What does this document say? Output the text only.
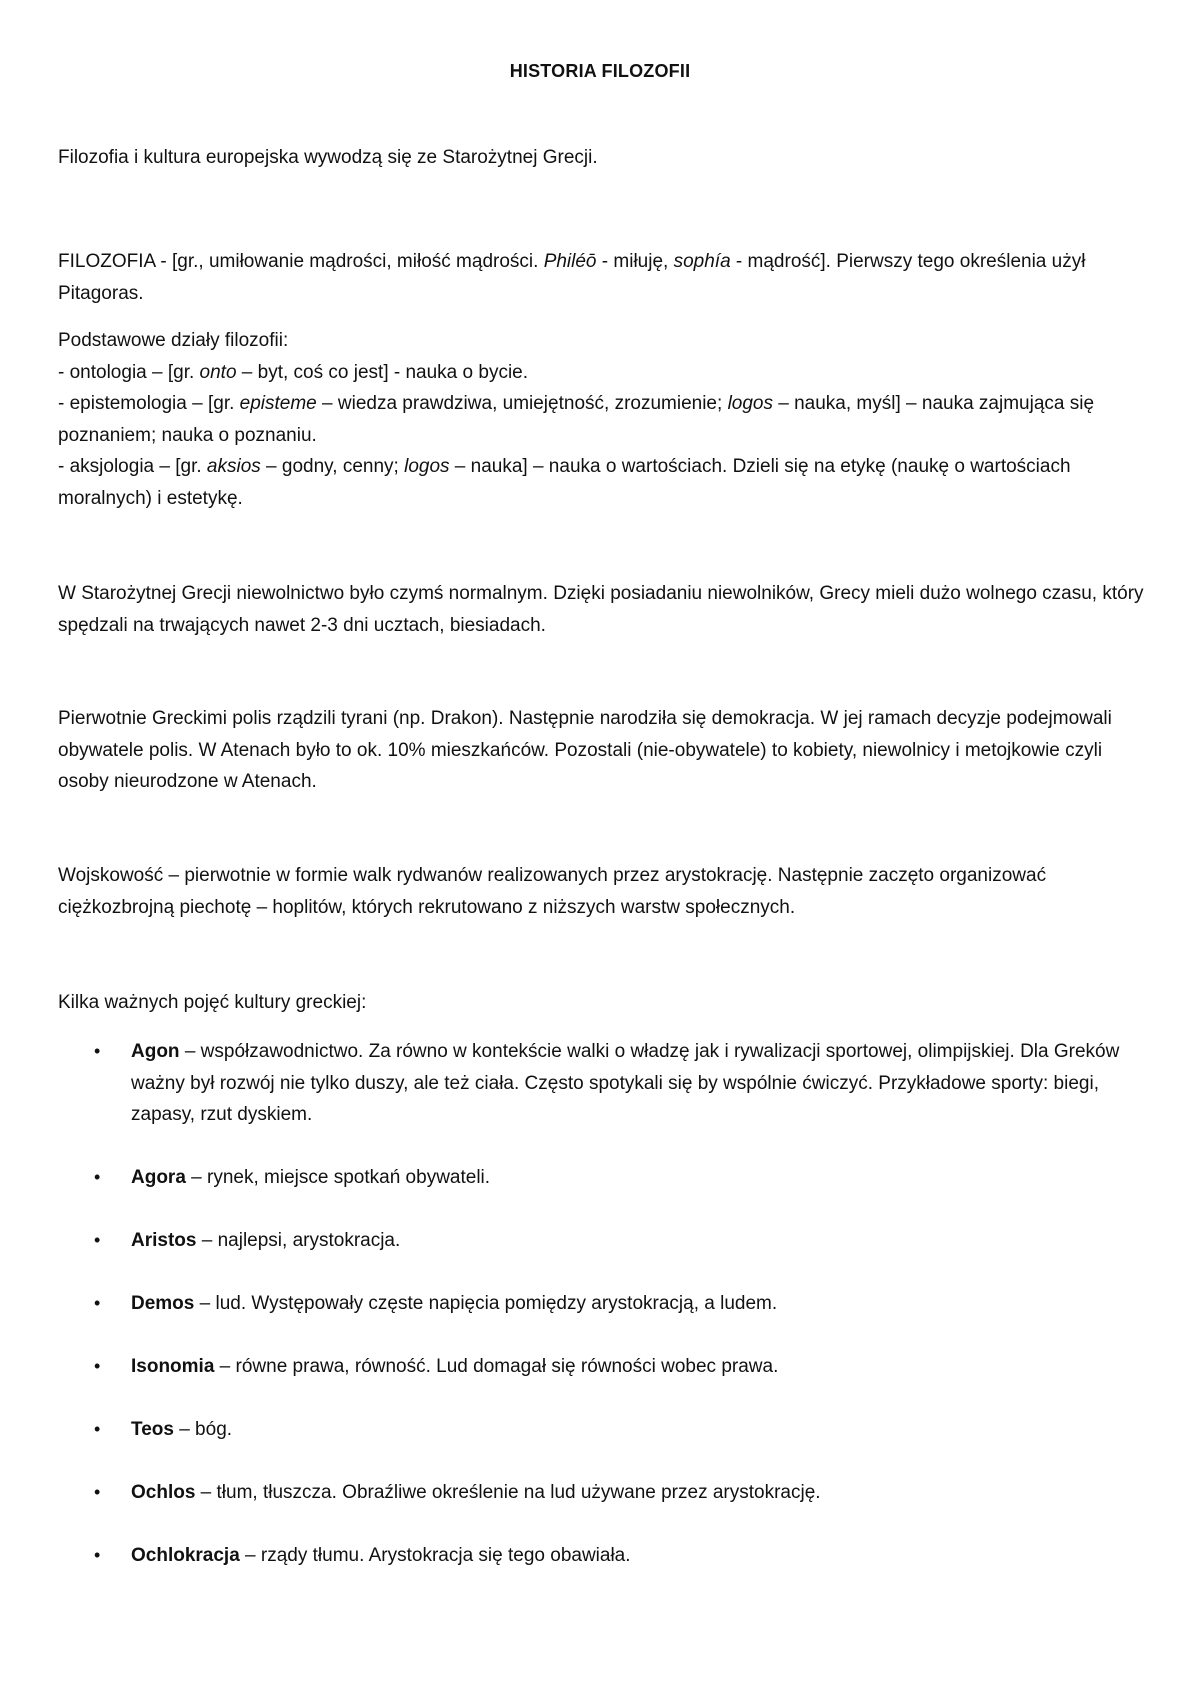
HISTORIA FILOZOFII

Filozofia i kultura europejska wywodzą się ze Starożytnej Grecji.

FILOZOFIA - [gr., umiłowanie mądrości, miłość mądrości. Philéō - miłuję, sophía - mądrość]. Pierwszy tego określenia użył Pitagoras.

Podstawowe działy filozofii:
- ontologia – [gr. onto – byt, coś co jest] - nauka o bycie.
- epistemologia – [gr. episteme – wiedza prawdziwa, umiejętność, zrozumienie; logos – nauka, myśl] – nauka zajmująca się poznaniem; nauka o poznaniu.
- aksjologia – [gr. aksios – godny, cenny; logos – nauka] – nauka o wartościach. Dzieli się na etykę (naukę o wartościach moralnych) i estetykę.

W Starożytnej Grecji niewolnictwo było czymś normalnym. Dzięki posiadaniu niewolników, Grecy mieli dużo wolnego czasu, który spędzali na trwających nawet 2-3 dni ucztach, biesiadach.

Pierwotnie Greckimi polis rządzili tyrani (np. Drakon). Następnie narodziła się demokracja. W jej ramach decyzje podejmowali obywatele polis. W Atenach było to ok. 10% mieszkańców. Pozostali (nie-obywatele) to kobiety, niewolnicy i metojkowie czyli osoby nieurodzone w Atenach.

Wojskowość – pierwotnie w formie walk rydwanów realizowanych przez arystokrację. Następnie zaczęto organizować ciężkozbrojną piechotę – hoplitów, których rekrutowano z niższych warstw społecznych.

Kilka ważnych pojęć kultury greckiej:

• Agon – współzawodnictwo. Za równo w kontekście walki o władzę jak i rywalizacji sportowej, olimpijskiej. Dla Greków ważny był rozwój nie tylko duszy, ale też ciała. Często spotykali się by wspólnie ćwiczyć. Przykładowe sporty: biegi, zapasy, rzut dyskiem.
• Agora – rynek, miejsce spotkań obywateli.
• Aristos – najlepsi, arystokracja.
• Demos – lud. Występowały częste napięcia pomiędzy arystokracją, a ludem.
• Isonomia – równe prawa, równość. Lud domagał się równości wobec prawa.
• Teos – bóg.
• Ochlos – tłum, tłuszcza. Obraźliwe określenie na lud używane przez arystokrację.
• Ochlokracja – rządy tłumu. Arystokracja się tego obawiała.
